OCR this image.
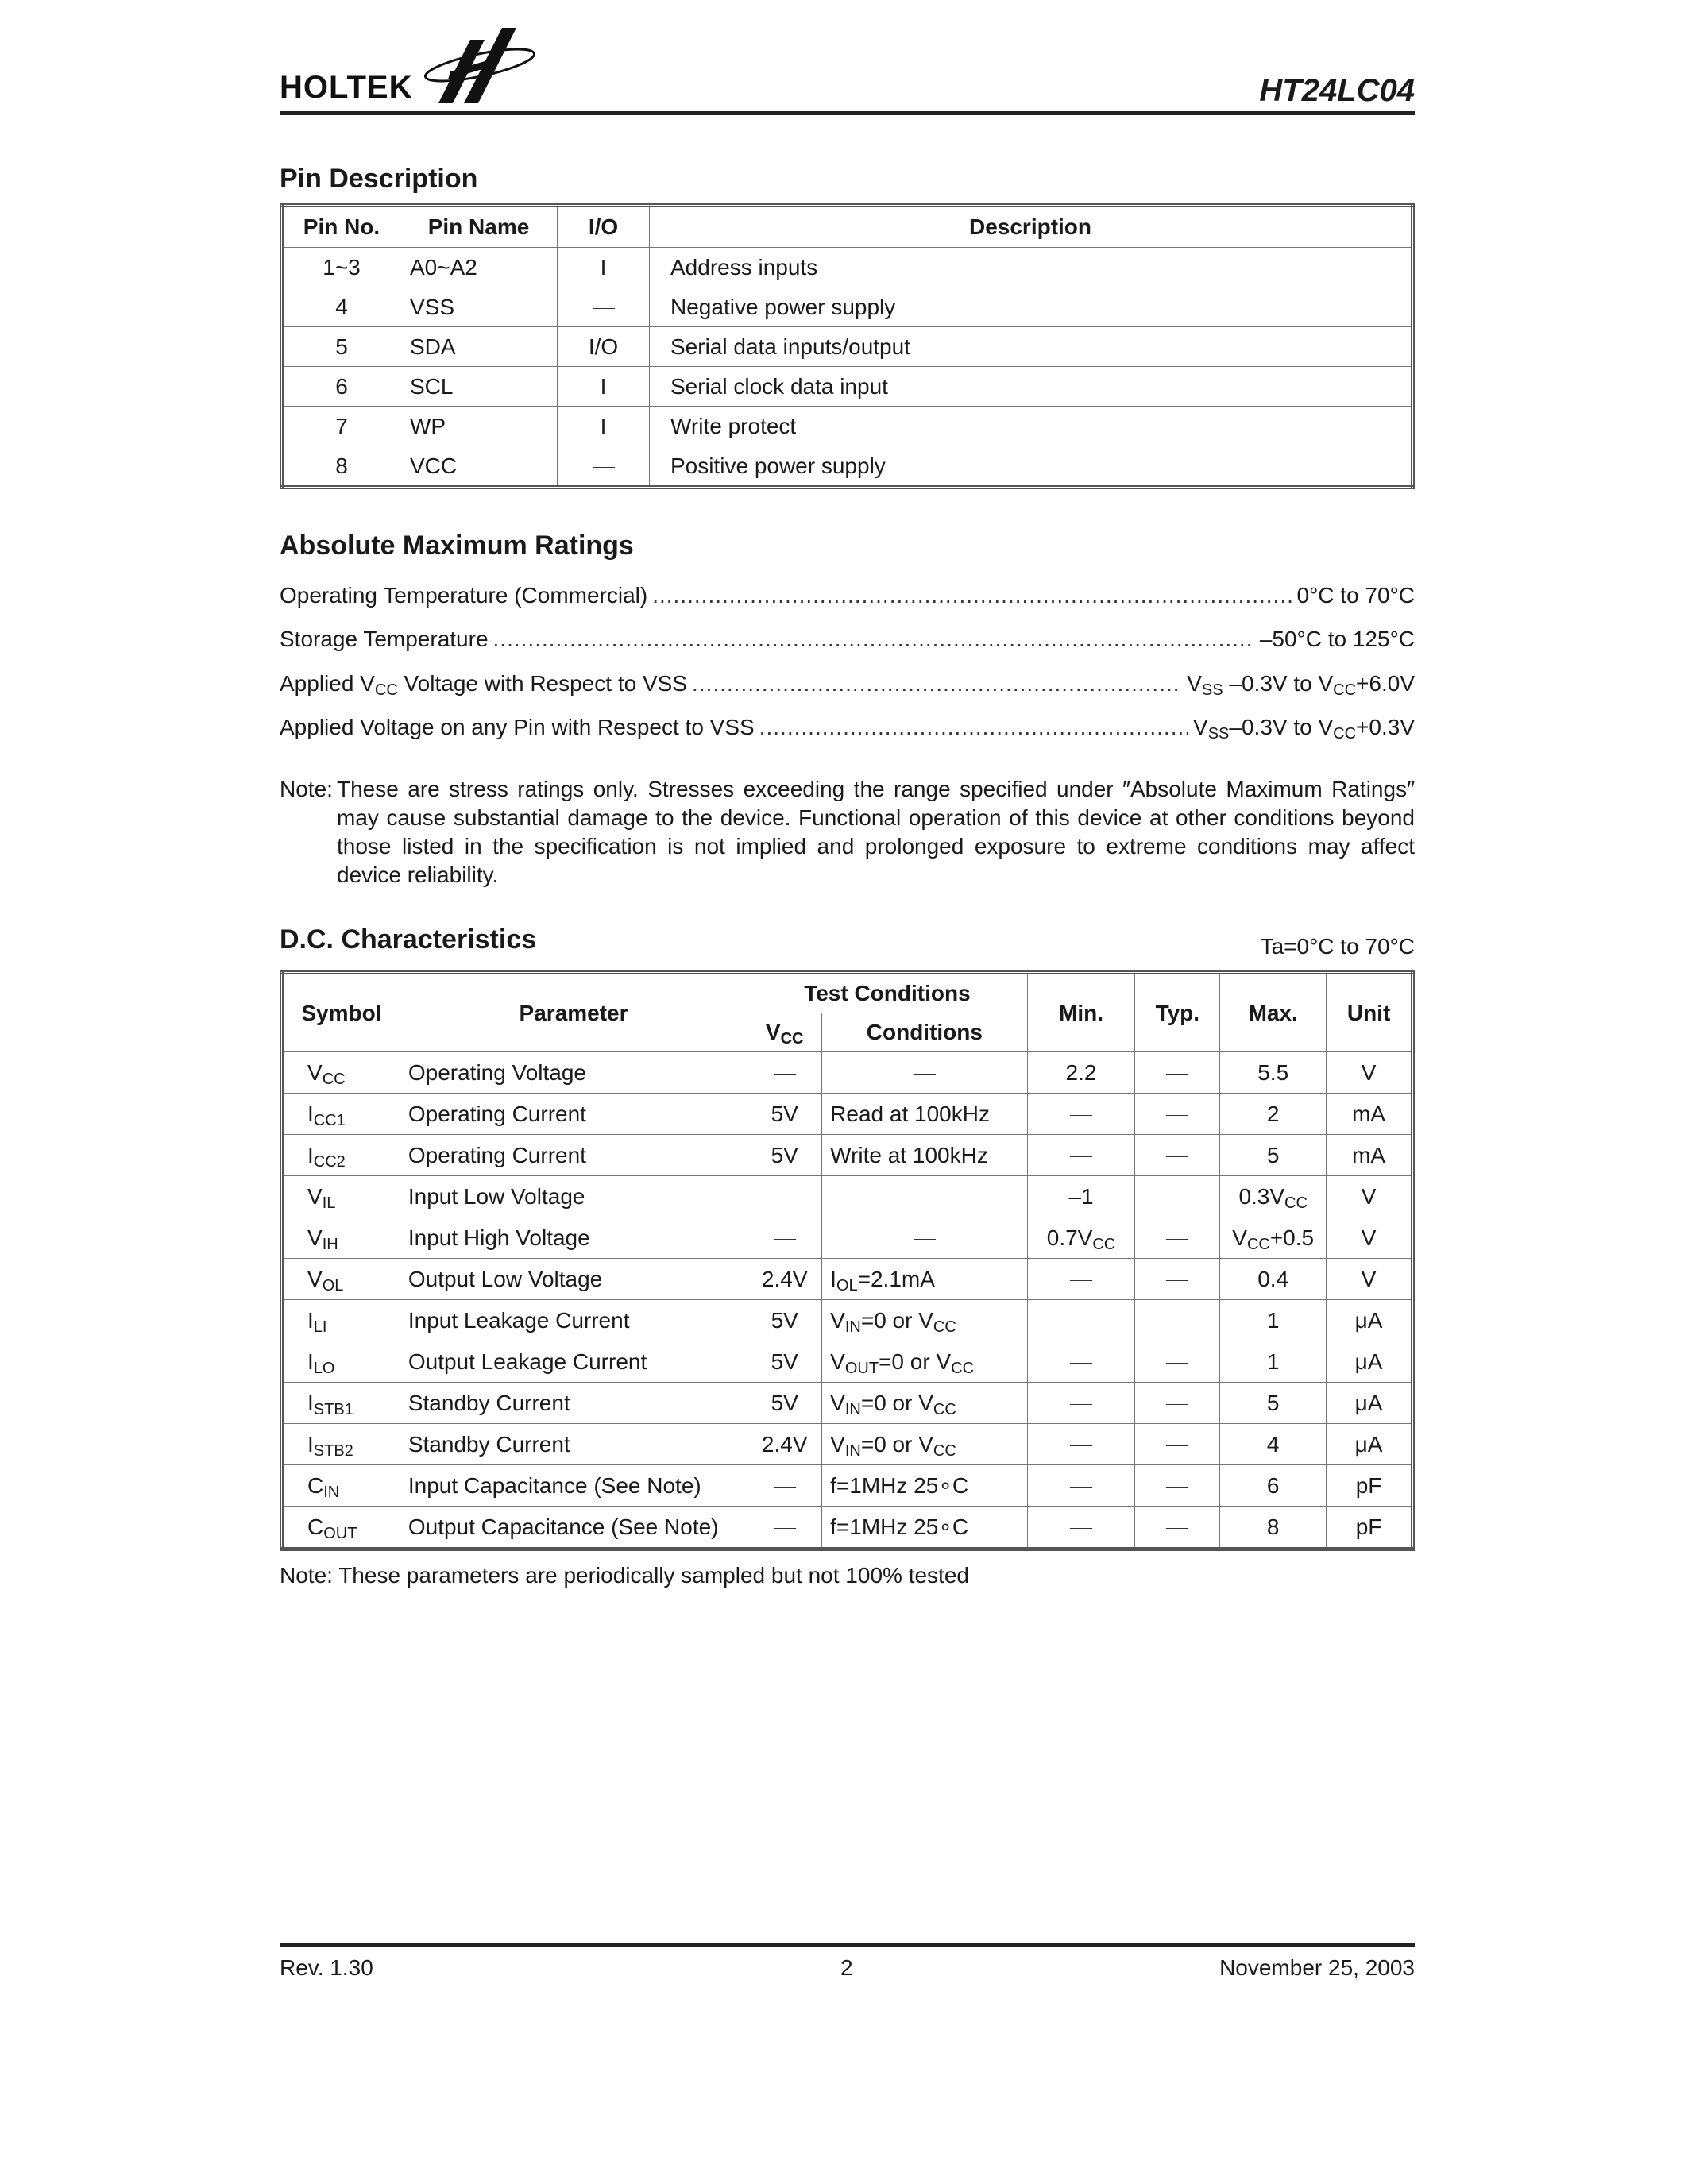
HOLTEK	HT24LC04
Pin Description
Pin No.	Pin Name	I/O	Description
1~3	A0~A2	I	Address inputs
4	VSS		Negative power supply
5	SDA	I/O	Serial data inputs/output
6	SCL	I	Serial clock data input
7	WP	I	Write protect
8	VCC		Positive power supply
Absolute Maximum Ratings
Operating Temperature (Commercial) .....	0°C to 70°C
Storage Temperature .....	–50°C to 125°C
Applied $V_{CC}$ Voltage with Respect to VSS .....	$V_{SS}$ –0.3V to $V_{CC}+6.0V$
Applied Voltage on any Pin with Respect to VSS .....	$V_{SS}-0.3V$ to $V_{CC}+0.3V$
Note: These are stress ratings only. Stresses exceeding the range specified under ″Absolute Maximum Ratings″ may cause substantial damage to the device. Functional operation of this device at other conditions beyond those listed in the specification is not implied and prolonged exposure to extreme conditions may affect device reliability.
D.C. Characteristics	Ta=0°C to 70°C
Symbol	Parameter	Test Conditions		Min.	Typ.	Max.	Unit
		$V_{CC}$	Conditions				
$V_{CC}$	Operating Voltage			2.2		5.5	V
$I_{CC1}$	Operating Current	5V	Read at 100kHz			2	mA
$I_{CC2}$	Operating Current	5V	Write at 100kHz			5	mA
$V_{IL}$	Input Low Voltage			–1		$0.3V_{CC}$	V
$V_{IH}$	Input High Voltage			$0.7V_{CC}$		$V_{CC}+0.5$	V
$V_{OL}$	Output Low Voltage	2.4V	$I_{OL}=2.1mA$			0.4	V
$I_{LI}$	Input Leakage Current	5V	$V_{IN}=0$ or $V_{CC}$			1	μA
$I_{LO}$	Output Leakage Current	5V	$V_{OUT}=0$ or $V_{CC}$			1	μA
$I_{STB1}$	Standby Current	5V	$V_{IN}=0$ or $V_{CC}$			5	μA
$I_{STB2}$	Standby Current	2.4V	$V_{IN}=0$ or $V_{CC}$			4	μA
$C_{IN}$	Input Capacitance (See Note)		f=1MHz 25∘C			6	pF
$C_{OUT}$	Output Capacitance (See Note)		f=1MHz 25∘C			8	pF
Note: These parameters are periodically sampled but not 100% tested
Rev. 1.30	2	November 25, 2003
